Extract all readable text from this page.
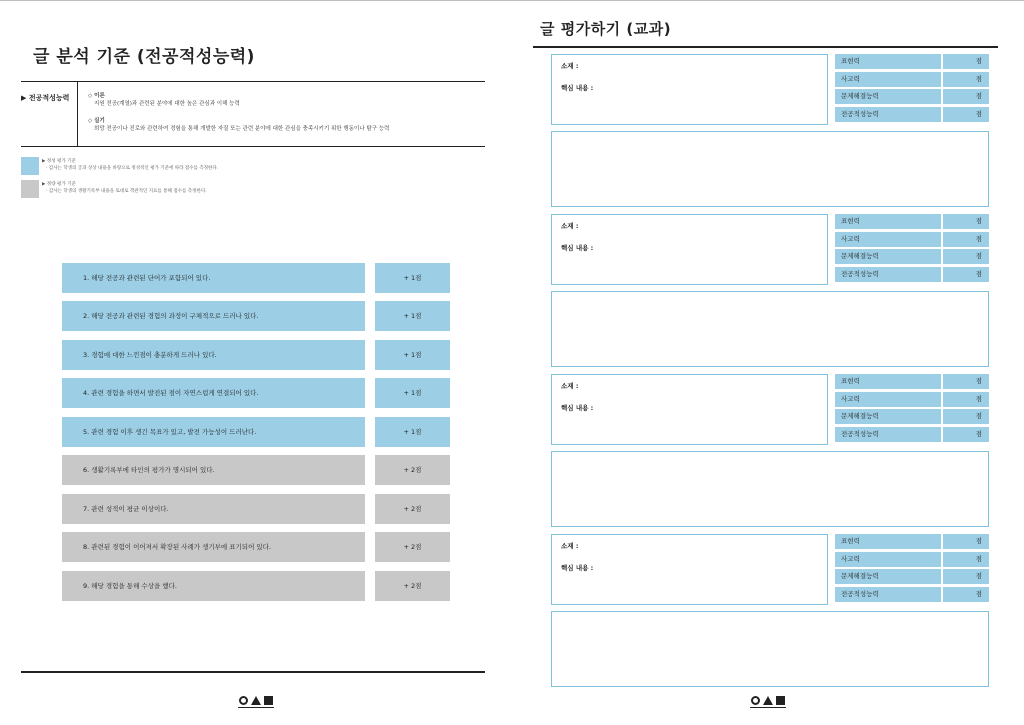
글 분석 기준 (전공적성능력)
▶ 전공적성능력	◇ 이론
지원 전공(계열)과 관련된 분야에 대한 높은 관심과 이해 능력
◇ 실기
희망 전공이나 진로와 관련하여 경험을 통해 개발한 자질 또는 관련 분야에 대한 관심을 충족시키기 위한 행동이나 탐구 능력
▶ 정성 평가 기준
· 감사는 학생의 글과 상상 내용을 바탕으로 정성적인 평가 기준에 따라 점수를 측정한다.
▶ 정량 평가 기준
· 감사는 학생의 생활기록부 내용을 토대로 객관적인 지표를 통해 점수를 측정한다.
1. 해당 전공과 관련된 단어가 포함되어 있다.	+ 1점
2. 해당 전공과 관련된 경험의 과정이 구체적으로 드러나 있다.	+ 1점
3. 경험에 대한 느낀점이 충분하게 드러나 있다.	+ 1점
4. 관련 경험을 하면서 발전된 점이 자연스럽게 연결되어 있다.	+ 1점
5. 관련 경험 이후 생긴 목표가 있고, 발전 가능성이 드러난다.	+ 1점
6. 생활기록부에 타인의 평가가 명시되어 있다.	+ 2점
7. 관련 성적이 평균 이상이다.	+ 2점
8. 관련된 경험이 이어져서 확장된 사례가 생기부에 표기되어 있다.	+ 2점
9. 해당 경험을 통해 수상을 했다.	+ 2점
글 평가하기 (교과)
소재 :
핵심 내용 :
표현력	점
사고력	점
문제해결능력	점
전공적성능력	점
소재 :
핵심 내용 :
표현력	점
사고력	점
문제해결능력	점
전공적성능력	점
소재 :
핵심 내용 :
표현력	점
사고력	점
문제해결능력	점
전공적성능력	점
소재 :
핵심 내용 :
표현력	점
사고력	점
문제해결능력	점
전공적성능력	점
